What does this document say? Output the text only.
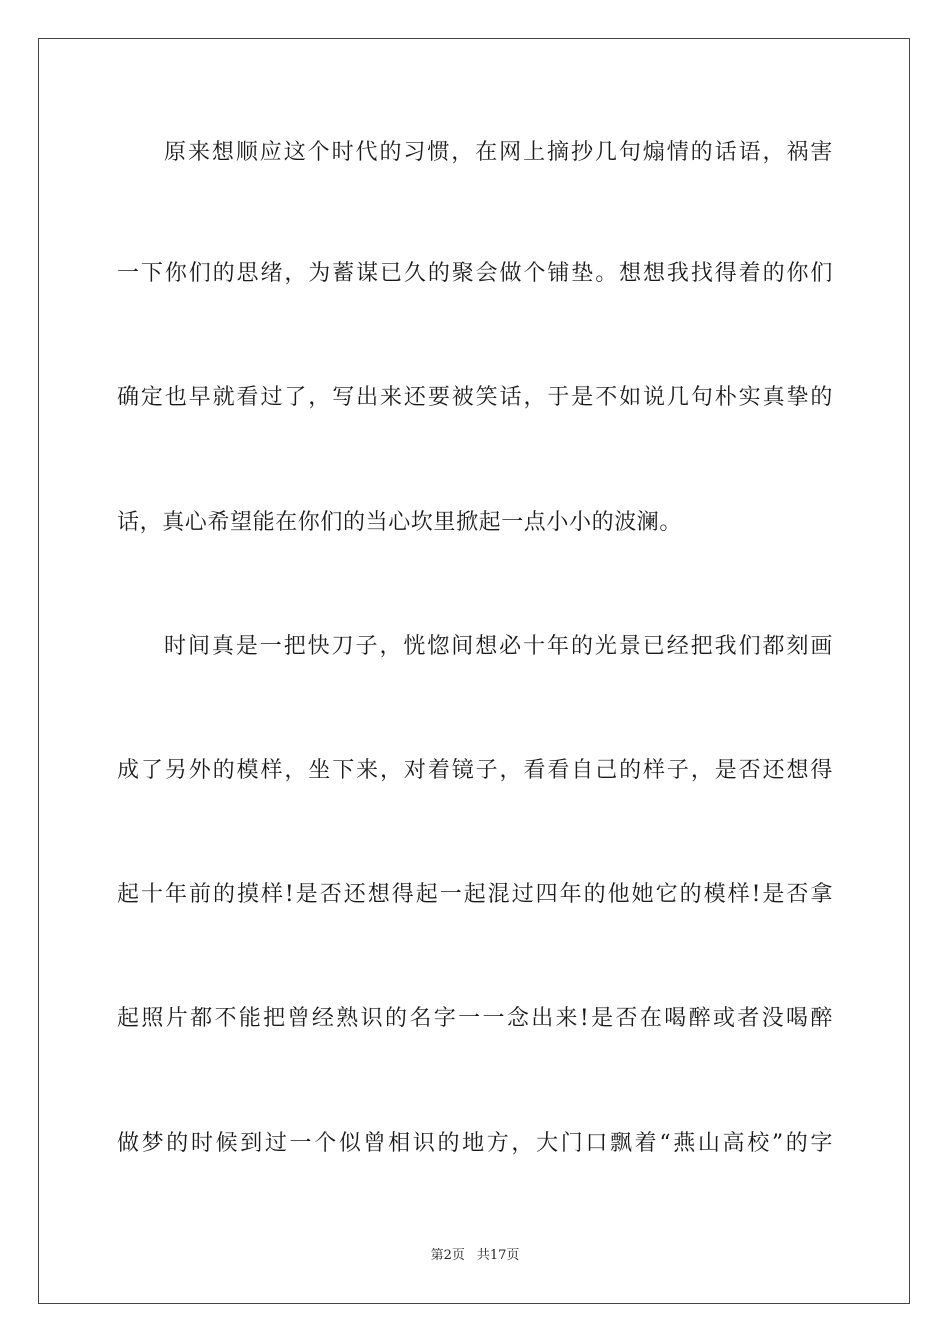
原来想顺应这个时代的习惯，在网上摘抄几句煽情的话语，祸害
一下你们的思绪，为蓄谋已久的聚会做个铺垫。想想我找得着的你们
确定也早就看过了，写出来还要被笑话，于是不如说几句朴实真挚的
话，真心希望能在你们的当心坎里掀起一点小小的波澜。
时间真是一把快刀子，恍惚间想必十年的光景已经把我们都刻画
成了另外的模样，坐下来，对着镜子，看看自己的样子，是否还想得
起十年前的摸样!是否还想得起一起混过四年的他她它的模样!是否拿
起照片都不能把曾经熟识的名字一一念出来!是否在喝醉或者没喝醉
做梦的时候到过一个似曾相识的地方，大门口飘着“燕山高校”的字
第2页 共17页
